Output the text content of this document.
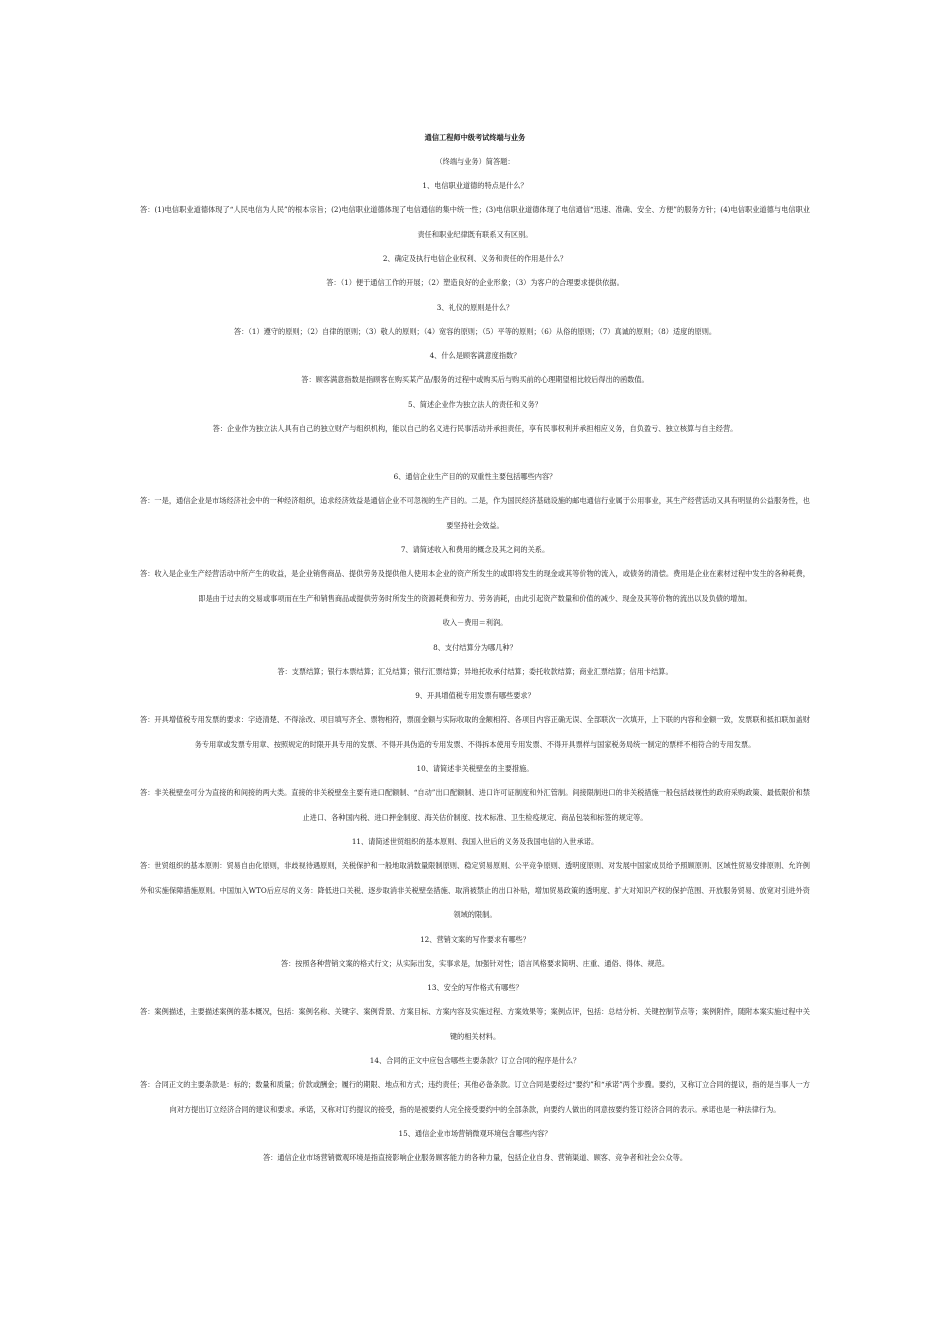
通信工程师中级考试终端与业务

（终端与业务）简答题：

1、电信职业道德的特点是什么？

答：(1)电信职业道德体现了“人民电信为人民”的根本宗旨；(2)电信职业道德体现了电信通信的集中统一性；(3)电信职业道德体现了电信通信“迅速、准确、安全、方便”的服务方针；(4)电信职业道德与电信职业责任和职业纪律既有联系又有区别。

2、确定及执行电信企业权利、义务和责任的作用是什么？

答：（1）便于通信工作的开展；（2）塑造良好的企业形象；（3）为客户的合理要求提供依据。

3、礼仪的原则是什么？

答：（1）遵守的原则；（2）自律的原则；（3）敬人的原则；（4）宽容的原则；（5）平等的原则；（6）从俗的原则；（7）真诚的原则；（8）适度的原则。

4、什么是顾客满意度指数？

答：顾客满意指数是指顾客在购买某产品/服务的过程中或购买后与购买前的心理期望相比较后得出的函数值。

5、简述企业作为独立法人的责任和义务？

答：企业作为独立法人具有自己的独立财产与组织机构，能以自己的名义进行民事活动并承担责任，享有民事权利并承担相应义务，自负盈亏、独立核算与自主经营。

6、通信企业生产目的的双重性主要包括哪些内容？

答：一是，通信企业是市场经济社会中的一种经济组织，追求经济效益是通信企业不可忽视的生产目的。二是，作为国民经济基础设施的邮电通信行业属于公用事业，其生产经营活动又具有明显的公益服务性，也要坚持社会效益。

7、请简述收入和费用的概念及其之间的关系。

答：收入是企业生产经营活动中所产生的收益，是企业销售商品、提供劳务及提供他人使用本企业的资产所发生的或即将发生的现金或其等价物的流入，或债务的清偿。费用是企业在素材过程中发生的各种耗费，即是由于过去的交易或事项而在生产和销售商品或提供劳务时所发生的资源耗费和劳力、劳务消耗，由此引起资产数量和价值的减少、现金及其等价物的流出以及负债的增加。

收入－费用＝利润。

8、支付结算分为哪几种？

答：支票结算；银行本票结算；汇兑结算；银行汇票结算；异地托收承付结算；委托收款结算；商业汇票结算；信用卡结算。

9、开具增值税专用发票有哪些要求？

答：开具增值税专用发票的要求：字迹清楚、不得涂改、项目填写齐全、票物相符，票面金额与实际收取的金额相符、各项目内容正确无误、全部联次一次填开，上下联的内容和金额一致，发票联和抵扣联加盖财务专用章或发票专用章、按照规定的时限开具专用的发票、不得开具伪造的专用发票、不得拆本使用专用发票、不得开具票样与国家税务局统一制定的票样不相符合的专用发票。

10、请简述非关税壁垒的主要措施。

答：非关税壁垒可分为直接的和间接的两大类。直接的非关税壁垒主要有进口配额制、“自动”出口配额制、进口许可证制度和外汇管制。间接限制进口的非关税措施一般包括歧视性的政府采购政策、最低限价和禁止进口、各种国内税、进口押金制度、海关估价制度、技术标准、卫生检疫规定、商品包装和标签的规定等。

11、请简述世贸组织的基本原则、我国入世后的义务及我国电信的入世承诺。

答：世贸组织的基本原则：贸易自由化原则，非歧视待遇原则，关税保护和一般地取消数量限制原则、稳定贸易原则、公平竞争原则、透明度原则、对发展中国家成员给予照顾原则、区域性贸易安排原则、允许例外和实施保障措施原则。中国加入WTO后应尽的义务：降低进口关税、逐步取消非关税壁垒措施、取消被禁止的出口补贴，增加贸易政策的透明度、扩大对知识产权的保护范围、开放服务贸易、放宽对引进外资领域的限制。

12、营销文案的写作要求有哪些？

答：按照各种营销文案的格式行文；从实际出发，实事求是，加强针对性；语言风格要求简明、庄重、通俗、得体、规范。

13、安全的写作格式有哪些？

答：案例描述，主要描述案例的基本概况，包括：案例名称、关键字、案例背景、方案目标、方案内容及实施过程、方案效果等；案例点评，包括：总结分析、关键控制节点等；案例附件，随附本案实施过程中关键的相关材料。

14、合同的正文中应包含哪些主要条款？订立合同的程序是什么？

答：合同正文的主要条款是：标的；数量和质量；价款或酬金；履行的期限、地点和方式；违约责任；其他必备条款。订立合同是要经过“要约”和“承诺”两个步骤。要约，又称订立合同的提议，指的是当事人一方向对方提出订立经济合同的建议和要求。承诺，又称对订约提议的接受，指的是被要约人完全接受要约中的全部条款，向要约人做出的同意按要约签订经济合同的表示。承诺也是一种法律行为。

15、通信企业市场营销微观环境包含哪些内容？

答：通信企业市场营销微观环境是指直接影响企业服务顾客能力的各种力量，包括企业自身、营销渠道、顾客、竞争者和社会公众等。
